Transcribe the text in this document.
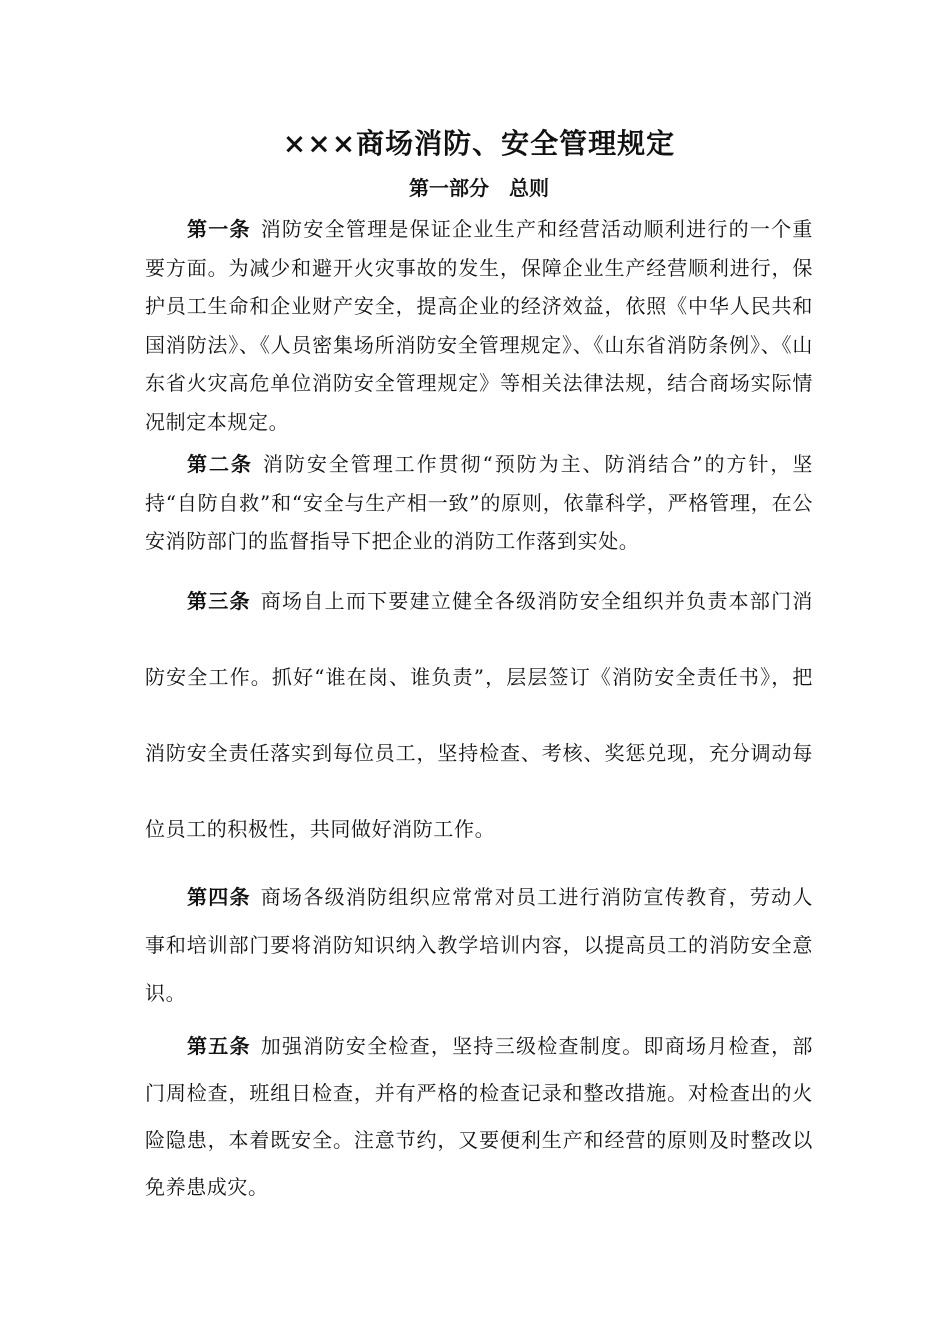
×××商场消防、安全管理规定
第一部分　总则

第一条 消防安全管理是保证企业生产和经营活动顺利进行的一个重要方面。为减少和避开火灾事故的发生，保障企业生产经营顺利进行，保护员工生命和企业财产安全，提高企业的经济效益，依照《中华人民共和国消防法》、《人员密集场所消防安全管理规定》、《山东省消防条例》、《山东省火灾高危单位消防安全管理规定》等相关法律法规，结合商场实际情况制定本规定。

第二条 消防安全管理工作贯彻“预防为主、防消结合”的方针，坚持“自防自救”和“安全与生产相一致”的原则，依靠科学，严格管理，在公安消防部门的监督指导下把企业的消防工作落到实处。

第三条 商场自上而下要建立健全各级消防安全组织并负责本部门消防安全工作。抓好“谁在岗、谁负责”，层层签订《消防安全责任书》，把消防安全责任落实到每位员工，坚持检查、考核、奖惩兑现，充分调动每位员工的积极性，共同做好消防工作。

第四条 商场各级消防组织应常常对员工进行消防宣传教育，劳动人事和培训部门要将消防知识纳入教学培训内容，以提高员工的消防安全意识。

第五条 加强消防安全检查，坚持三级检查制度。即商场月检查，部门周检查，班组日检查，并有严格的检查记录和整改措施。对检查出的火险隐患，本着既安全。注意节约，又要便利生产和经营的原则及时整改以免养患成灾。
